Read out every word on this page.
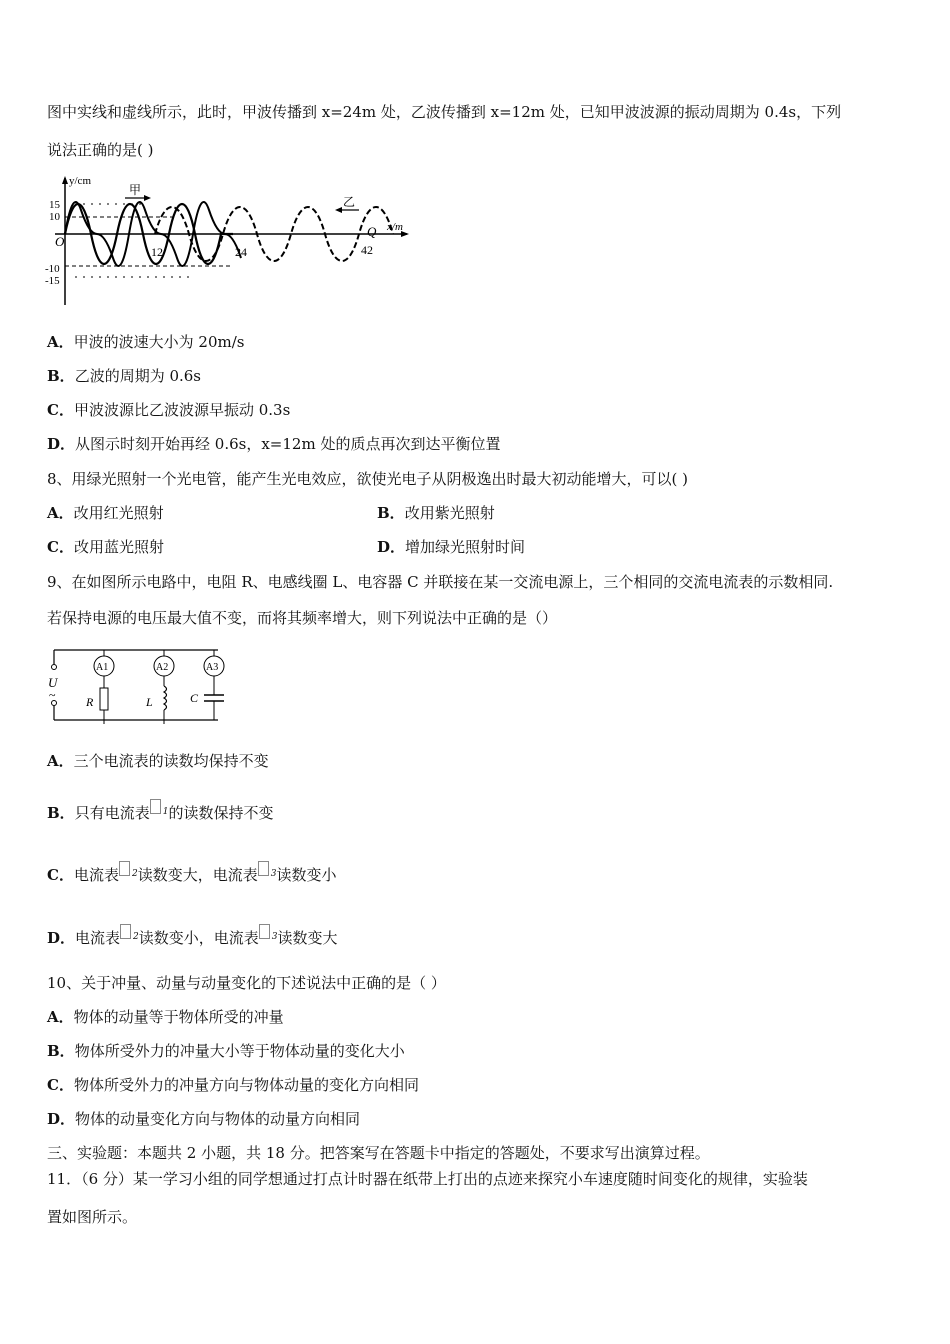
图中实线和虚线所示，此时，甲波传播到 x=24m 处，乙波传播到 x=12m 处，已知甲波波源的振动周期为 0.4s，下列
说法正确的是( )
y/cm
x/m
15
10
-10
-15
O
12	24	42
Q
甲
乙
A．甲波的波速大小为 20m/s
B．乙波的周期为 0.6s
C．甲波波源比乙波波源早振动 0.3s
D．从图示时刻开始再经 0.6s，x=12m 处的质点再次到达平衡位置
8、用绿光照射一个光电管，能产生光电效应，欲使光电子从阴极逸出时最大初动能增大，可以( )
A．改用红光照射	B．改用紫光照射
C．改用蓝光照射	D．增加绿光照射时间
9、在如图所示电路中，电阻 R、电感线圈 L、电容器 C 并联接在某一交流电源上，三个相同的交流电流表的示数相同.
若保持电源的电压最大值不变，而将其频率增大，则下列说法中正确的是（）
U
~
A1
R
A2
L
A3
C
A．三个电流表的读数均保持不变
B．只有电流表 $^1$的读数保持不变
C．电流表 $^2$读数变大，电流表 $^3$读数变小
D．电流表 $^2$读数变小，电流表 $^3$读数变大
10、关于冲量、动量与动量变化的下述说法中正确的是（ ）
A．物体的动量等于物体所受的冲量
B．物体所受外力的冲量大小等于物体动量的变化大小
C．物体所受外力的冲量方向与物体动量的变化方向相同
D．物体的动量变化方向与物体的动量方向相同
三、实验题：本题共 2 小题，共 18 分。把答案写在答题卡中指定的答题处，不要求写出演算过程。
11．（6 分）某一学习小组的同学想通过打点计时器在纸带上打出的点迹来探究小车速度随时间变化的规律，实验装
置如图所示。
